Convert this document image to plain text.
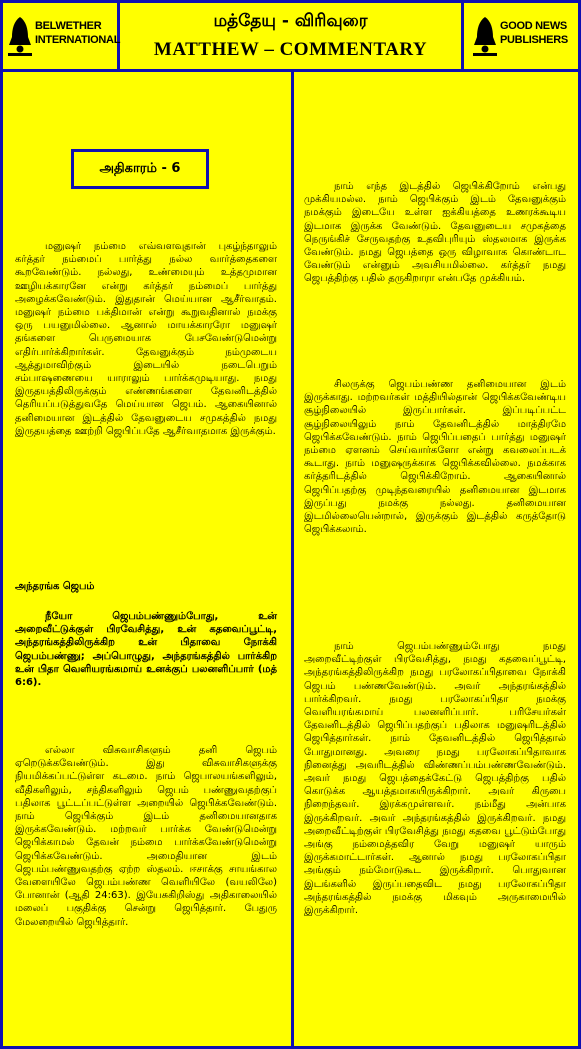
BELWETHER INTERNATIONAL
மத்தேயு - விரிவுரை
MATTHEW – COMMENTARY
GOOD NEWS PUBLISHERS
அதிகாரம் - 6
மனுஷர் நம்மை எவ்வளவுதான் புகழ்ந்தாலும் கர்த்தர் நம்மைப் பார்த்து நல்ல வார்த்தைகளை கூறவேண்டும். நல்லது, உண்மையும் உத்தமுமான ஊழியக்காரனே என்று கர்த்தர் நம்மைப் பார்த்து அழைக்கவேண்டும். இதுதான் மெய்யான ஆசீர்வாதம். மனுஷர் நம்மை பக்திமான் என்று கூறுவதினால் நமக்கு ஒரு பயனுமில்லை. ஆனால் மாயக்காரரோ மனுஷர் தங்களை பெருமையாக பேசவேண்டுமென்று எதிர்பார்க்கிறார்கள். தேவனுக்கும் நம்முடைய ஆத்துமாவிற்கும் இடையில் நடைபெறும் சம்பாஷணையை யாராலும் பார்க்கமுடியாது. நமது இருதயத்திலிருக்கும் எண்ணங்களை தேவனிடத்தில் தெரியப்படுத்துவதே மெய்யான ஜெபம். ஆகையினால் தனிமையான இடத்தில் தேவனுடைய சமுகத்தில் நமது இருதயத்தை ஊற்றி ஜெபிப்பதே ஆசீர்வாதமாக இருக்கும்.
அந்தரங்க ஜெபம்
நீயோ ஜெபம்பண்ணும்போது, உன் அறைவீட்டுக்குள் பிரவேசித்து, உன் கதவைப்பூட்டி, அந்தரங்கத்திலிருக்கிற உன் பிதாவை நோக்கி ஜெபம்பண்ணு; அப்பொழுது, அந்தரங்கத்தில் பார்க்கிற உன் பிதா வெளியரங்கமாய் உனக்குப் பலனளிப்பார் (மத் 6:6).
எல்லா விசுவாசிகளும் தனி ஜெபம் ஏறெடுக்கவேண்டும். இது விசுவாசிகளுக்கு நியமிக்கப்பட்டுள்ள கடமை. நாம் ஜெபாலயங்களிலும், வீதிகளிலும், சந்திகளிலும் ஜெபம் பண்ணுவதற்குப் பதிலாக பூட்டப்பட்டுள்ள அறையில் ஜெபிக்கவேண்டும். நாம் ஜெபிக்கும் இடம் தனிமையானதாக இருக்கவேண்டும். மற்றவர் பார்க்க வேண்டுமென்று ஜெபிக்காமல் தேவன் நம்மை பார்க்கவேண்டுமென்று ஜெபிக்கவேண்டும். அமைதியான இடம் ஜெபம்பண்ணுவதற்கு ஏற்ற ஸ்தலம். ஈசாக்கு சாயங்கால வேளையிலே ஜெபம்பண்ண வெளியிலே (வயலிலே) போனான் (ஆதி 24:63). இயேசுகிறிஸ்து அதிகாலையில் மலைப் பகுதிக்கு சென்று ஜெபித்தார். பேதுரு மேலறையில் ஜெபித்தார்.
நாம் எந்த இடத்தில் ஜெபிக்கிறோம் என்பது முக்கியமல்ல. நாம் ஜெபிக்கும் இடம் தேவனுக்கும் நமக்கும் இடையே உள்ள ஐக்கியத்தை உணரக்கூடிய இடமாக இருக்க வேண்டும். தேவனுடைய சமுகத்தை நெருங்கிச் சேருவதற்கு உதவிபுரியும் ஸ்தலமாக இருக்க வேண்டும். நமது ஜெபத்தை ஒரு விழாவாக கொண்டாட வேண்டும் என்னும் அவசியமில்லை. கர்த்தர் நமது ஜெபத்திற்கு பதில் தருகிறாரா என்பதே முக்கியம்.
சிலருக்கு ஜெபம்பண்ண தனிமையான இடம் இருக்காது. மற்றவர்கள் மத்தியில்தான் ஜெபிக்கவேண்டிய சூழ்நிலையில் இருப்பார்கள். இப்படிப்பட்ட சூழ்நிலையிலும் நாம் தேவனிடத்தில் மாத்திரமே ஜெபிக்கவேண்டும். நாம் ஜெபிப்பதைப் பார்த்து மனுஷர் நம்மை ஏளனம் செய்வார்களோ என்று கவலைப்படக் கூடாது. நாம் மனுஷருக்காக ஜெபிக்கவில்லை. நமக்காக கர்த்தரிடத்தில் ஜெபிக்கிறோம். ஆகையினால் ஜெபிப்பதற்கு முடிந்தவரையில் தனிமையான இடமாக இருப்பது நமக்கு நல்லது. தனிமையான இடமில்லையென்றால், இருக்கும் இடத்தில் கருத்தோடு ஜெபிக்கலாம்.
நாம் ஜெபம்பண்ணும்போது நமது அறைவீட்டிற்குள் பிரவேசித்து, நமது கதவைப்பூட்டி, அந்தரங்கத்திலிருக்கிற நமது பரலோகப்பிதாவை நோக்கி ஜெபம் பண்ணவேண்டும். அவர் அந்தரங்கத்தில் பார்க்கிறவர். நமது பரலோகப்பிதா நமக்கு வெளியரங்கமாய் பலனளிப்பார். பரிசேயர்கள் தேவனிடத்தில் ஜெபிப்பதற்குப் பதிலாக மனுஷரிடத்தில் ஜெபித்தார்கள். நாம் தேவனிடத்தில் ஜெபித்தால் போதுமானது. அவரை நமது பரலோகப்பிதாவாக நினைத்து அவரிடத்தில் விண்ணப்பம்பண்ணவேண்டும். அவர் நமது ஜெபத்தைக்கேட்டு ஜெபத்திற்கு பதில் கொடுக்க ஆயத்தமாகயிருக்கிறார். அவர் கிருபை நிறைந்தவர். இரக்கமுள்ளவர். நம்மீது அன்பாக இருக்கிறவர். அவர் அந்தரங்கத்தில் இருக்கிறவர். நமது அறைவீட்டிற்குள் பிரவேசித்து நமது கதவை பூட்டும்போது அங்கு நம்மைத்தவிர வேறு மனுஷர் யாரும் இருக்கமாட்டார்கள். ஆனால் நமது பரலோகப்பிதா அங்கும் நம்மோடுகூட இருக்கிறார். பொதுவான இடங்களில் இருப்பதைவிட நமது பரலோகப்பிதா அந்தரங்கத்தில் நமக்கு மிகவும் அருகாமையில் இருக்கிறார்.
